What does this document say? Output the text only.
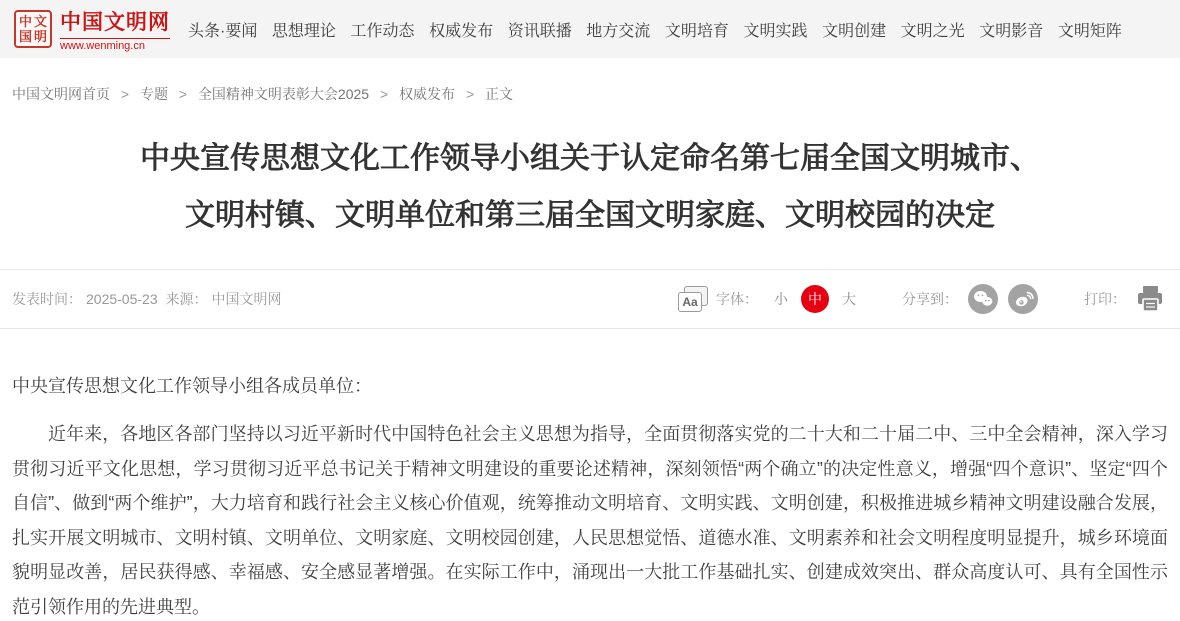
中 文
国 明
中国文明网
www.wenming.cn
头条·要闻 思想理论 工作动态 权威发布 资讯联播 地方交流 文明培育 文明实践 文明创建 文明之光 文明影音 文明矩阵
中国文明网首页 > 专题 > 全国精神文明表彰大会2025 > 权威发布 > 正文
中央宣传思想文化工作领导小组关于认定命名第七届全国文明城市、
文明村镇、文明单位和第三届全国文明家庭、文明校园的决定
发表时间： 2025-05-23 来源： 中国文明网	Aa	字体： 小	中	大	分享到：	打印：
中央宣传思想文化工作领导小组各成员单位：
近年来，各地区各部门坚持以习近平新时代中国特色社会主义思想为指导，全面贯彻落实党的二十大和二十届二中、三中全会精神，深入学习贯彻习近平文化思想，学习贯彻习近平总书记关于精神文明建设的重要论述精神，深刻领悟“两个确立”的决定性意义，增强“四个意识”、坚定“四个自信”、做到“两个维护”，大力培育和践行社会主义核心价值观，统筹推动文明培育、文明实践、文明创建，积极推进城乡精神文明建设融合发展，扎实开展文明城市、文明村镇、文明单位、文明家庭、文明校园创建，人民思想觉悟、道德水准、文明素养和社会文明程度明显提升，城乡环境面貌明显改善，居民获得感、幸福感、安全感显著增强。在实际工作中，涌现出一大批工作基础扎实、创建成效突出、群众高度认可、具有全国性示范引领作用的先进典型。
